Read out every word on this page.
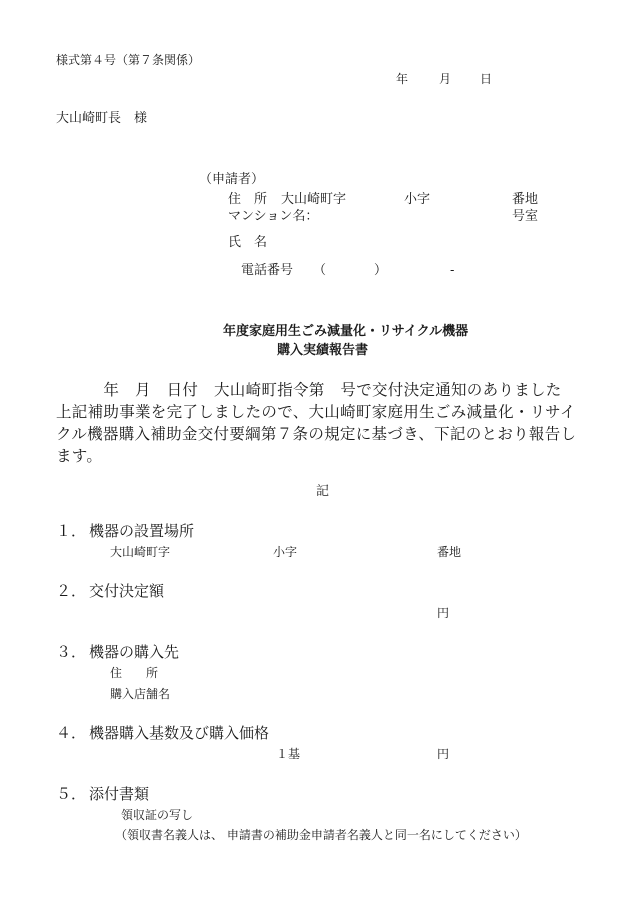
様式第４号（第７条関係）
年	月 日
大山崎町長　様
（申請者）
住　所 大山崎町字	小字	番地
マンション名：	号室
氏　名
電話番号 （	）	-
年度家庭用生ごみ減量化・リサイクル機器
購入実績報告書
　　　年　月　日付　大山崎町指令第　号で交付決定通知のありました
上記補助事業を完了しましたので、大山崎町家庭用生ごみ減量化・リサイ
クル機器購入補助金交付要綱第７条の規定に基づき、下記のとおり報告し
ます。
記
１． 機器の設置場所
大山崎町字	小字	番地
２． 交付決定額
円
３． 機器の購入先
住　　所
購入店舗名
４． 機器購入基数及び購入価格
１基	円
５． 添付書類
領収証の写し
（領収書名義人は、 申請書の補助金申請者名義人と同一名にしてください）
